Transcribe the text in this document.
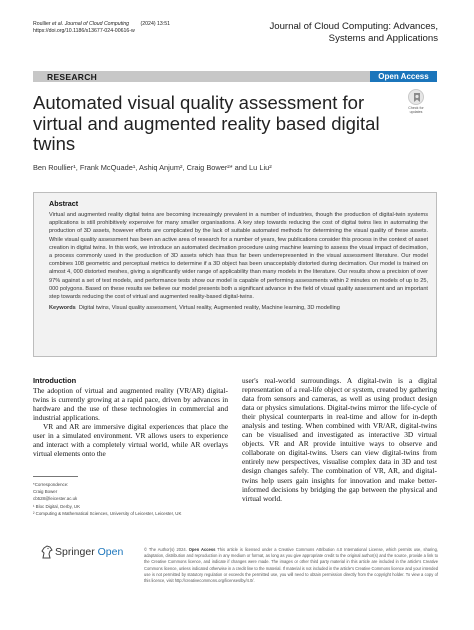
Roullier et al. Journal of Cloud Computing        (2024) 13:51
https://doi.org/10.1186/s13677-024-00616-w	Journal of Cloud Computing: Advances, Systems and Applications
RESEARCH	Open Access
Check for updates
Automated visual quality assessment for virtual and augmented reality based digital twins
Ben Roullier¹, Frank McQuade¹, Ashiq Anjum², Craig Bower²* and Lu Liu²
Abstract
Virtual and augmented reality digital twins are becoming increasingly prevalent in a number of industries, though the production of digital-twin systems applications is still prohibitively expensive for many smaller organisations. A key step towards reducing the cost of digital twins lies in automating the production of 3D assets, however efforts are complicated by the lack of suitable automated methods for determining the visual quality of these assets. While visual quality assessment has been an active area of research for a number of years, few publications consider this process in the context of asset creation in digital twins. In this work, we introduce an automated decimation procedure using machine learning to assess the visual impact of decimation, a process commonly used in the production of 3D assets which has thus far been underrepresented in the visual assessment literature. Our model combines 108 geometric and perceptual metrics to determine if a 3D object has been unacceptably distorted during decimation. Our model is trained on almost 4, 000 distorted meshes, giving a significantly wider range of applicability than many models in the literature. Our results show a precision of over 97% against a set of test models, and performance tests show our model is capable of performing assessments within 2 minutes on models of up to 25, 000 polygons. Based on these results we believe our model presents both a significant advance in the field of visual quality assessment and an important step towards reducing the cost of virtual and augmented reality-based digital-twins.
Keywords  Digital twins, Visual quality assessment, Virtual reality, Augmented reality, Machine learning, 3D modelling
Introduction

The adoption of virtual and augmented reality (VR/AR) digital-twins is currently growing at a rapid pace, driven by advances in hardware and the use of these technologies in commercial and industrial applications.

VR and AR are immersive digital experiences that place the user in a simulated environment. VR allows users to experience and interact with a completely virtual world, while AR overlays virtual elements onto the

user's real-world surroundings. A digital-twin is a digital representation of a real-life object or system, created by gathering data from sensors and cameras, as well as using product design data or physics simulations. Digital-twins mirror the life-cycle of their physical counterparts in real-time and allow for in-depth analysis and testing. When combined with VR/AR, digital-twins can be visualised and investigated as interactive 3D virtual objects. VR and AR provide intuitive ways to observe and collaborate on digital-twins. Users can view digital-twins from entirely new perspectives, visualise complex data in 3D and test design changes safely. The combination of VR, AR, and digital-twins help users gain insights for innovation and make better-informed decisions by bridging the gap between the physical and virtual world.

*Correspondence:
Craig Bower
cb528@leicester.ac.uk
¹ Bloc Digital, Derby, UK
² Computing & Mathematical Sciences, University of Leicester, Leicester, UK
Springer Open	© The Author(s) 2024. Open Access This article is licensed under a Creative Commons Attribution 4.0 International License, which permits use, sharing, adaptation, distribution and reproduction in any medium or format, as long as you give appropriate credit to the original author(s) and the source, provide a link to the Creative Commons licence, and indicate if changes were made. The images or other third party material in this article are included in the article's Creative Commons licence, unless indicated otherwise in a credit line to the material. If material is not included in the article's Creative Commons licence and your intended use is not permitted by statutory regulation or exceeds the permitted use, you will need to obtain permission directly from the copyright holder. To view a copy of this licence, visit http://creativecommons.org/licenses/by/4.0/.
